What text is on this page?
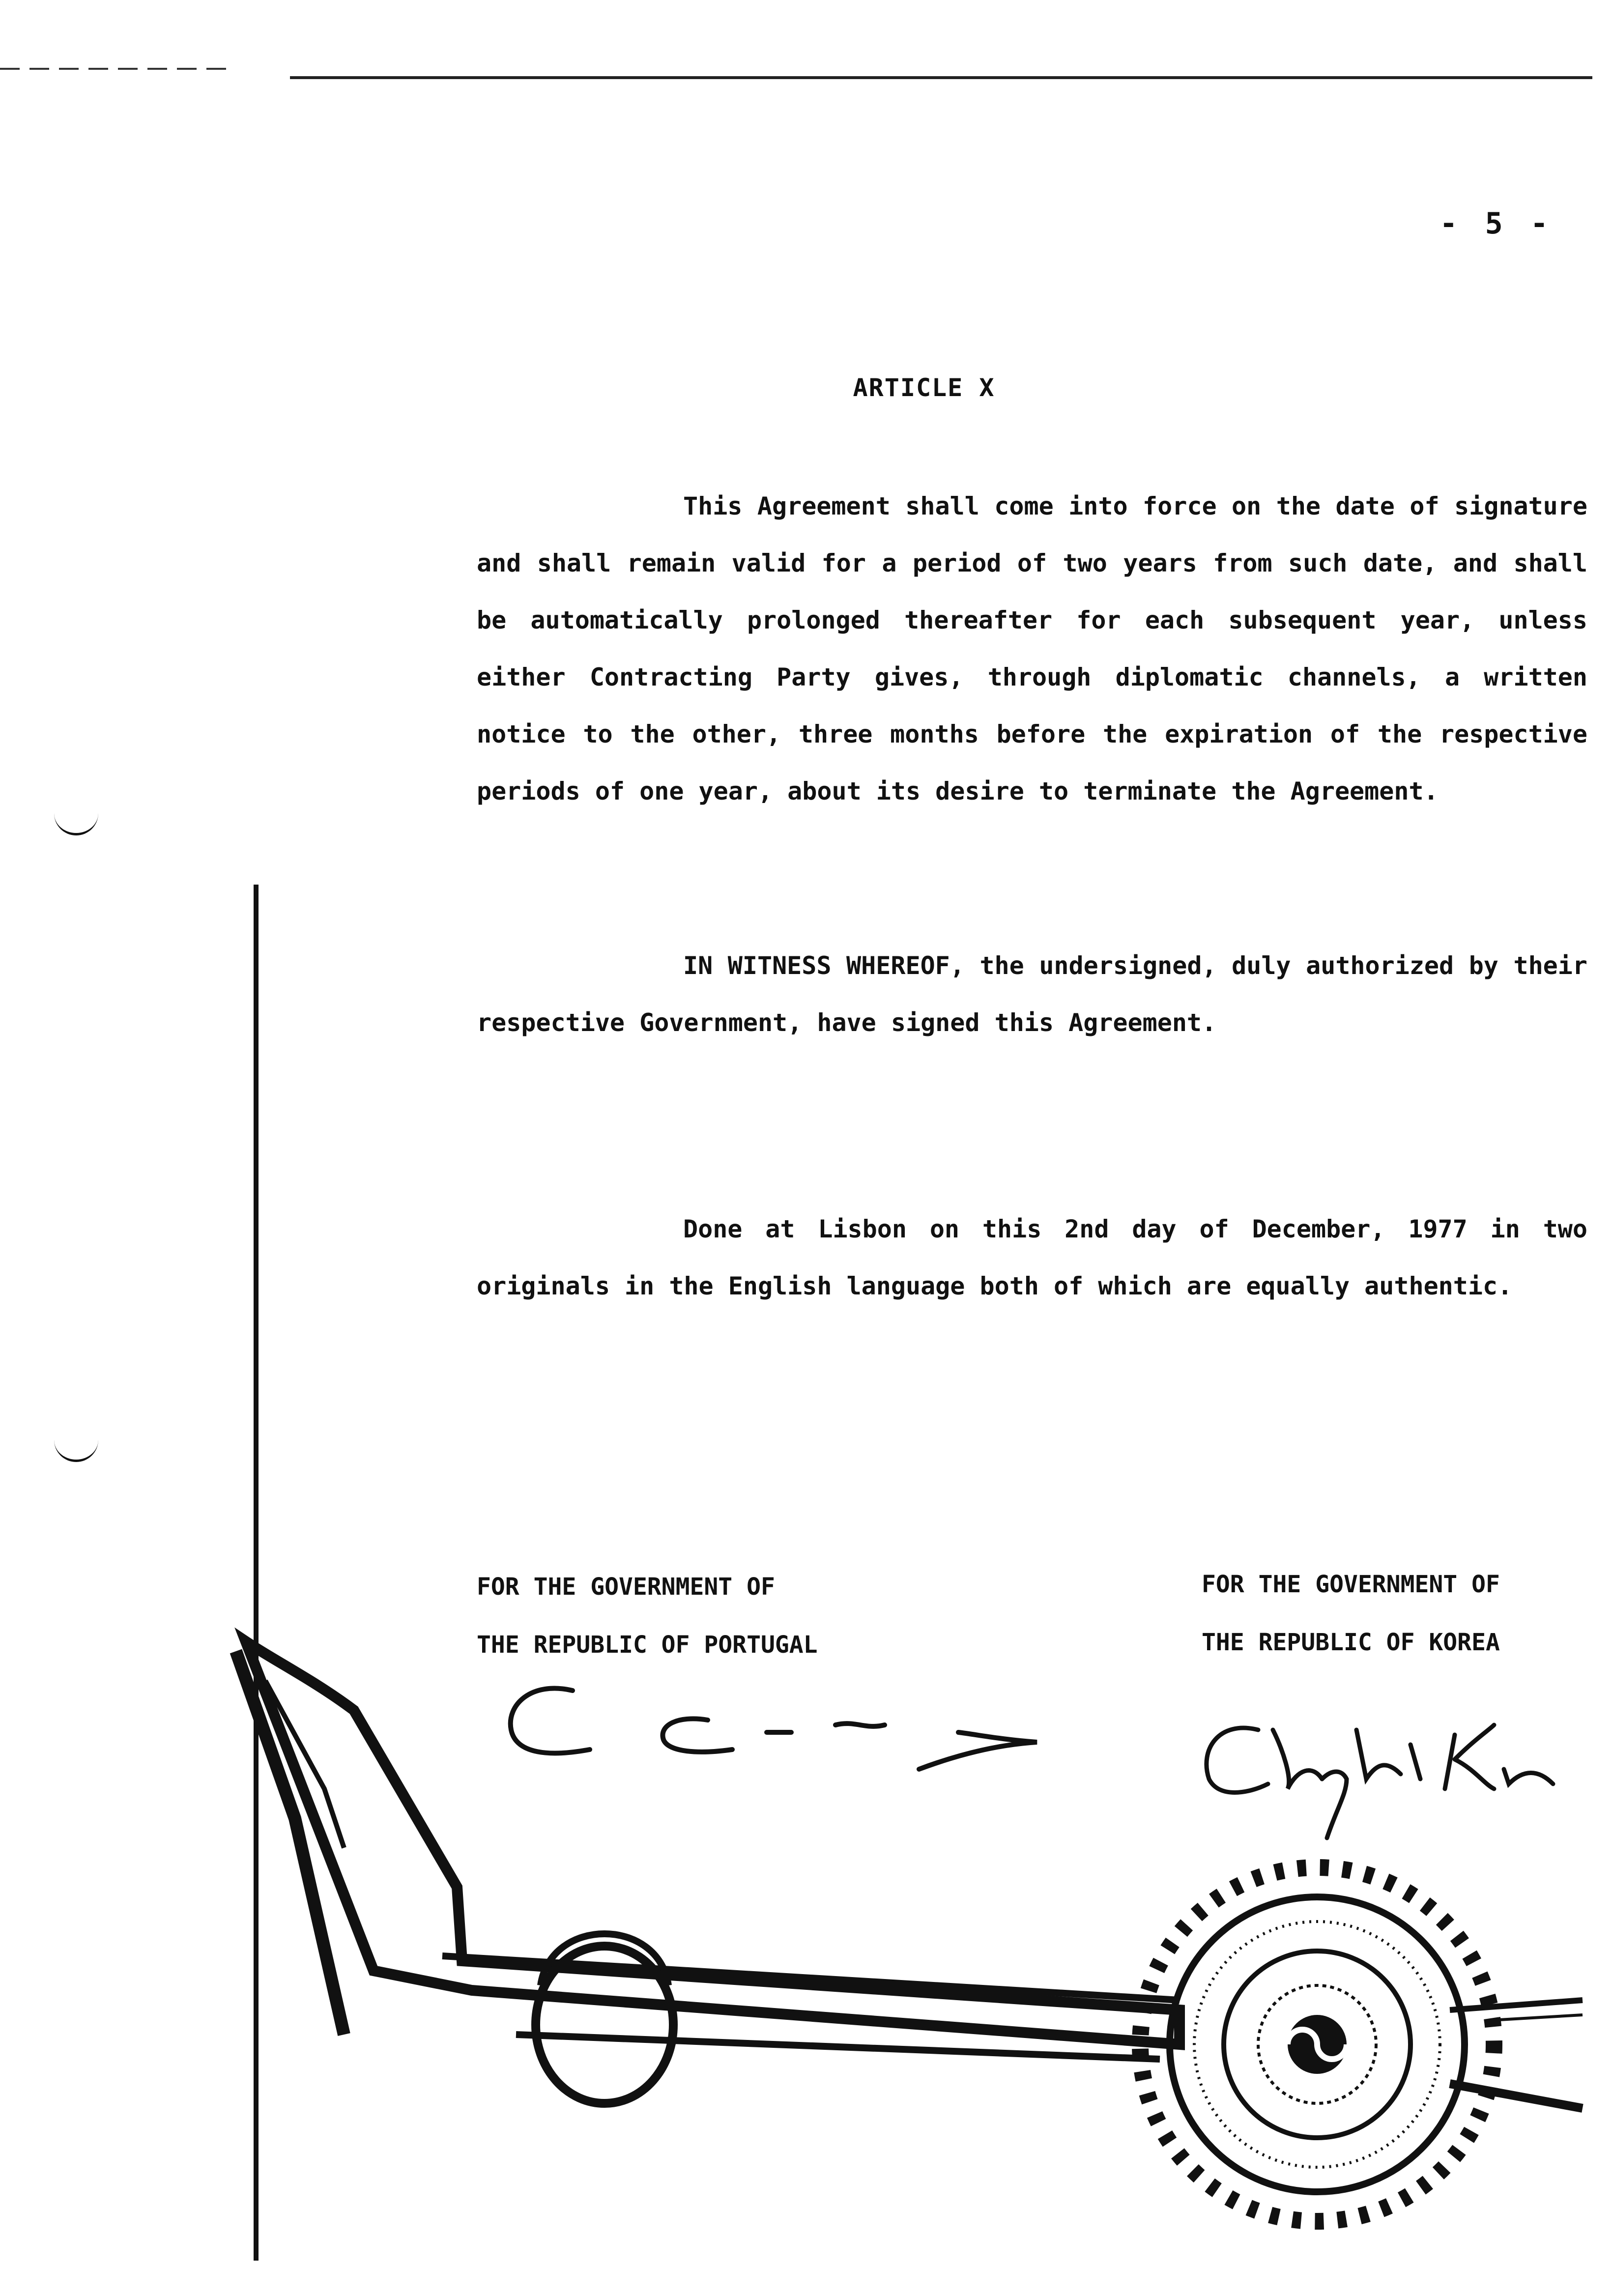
- 5 -
ARTICLE X

This Agreement shall come into force on the date of signature and shall remain valid for a period of two years from such date, and shall be automatically prolonged thereafter for each subsequent year, unless either Contracting Party gives, through diplomatic channels, a written notice to the other, three months before the expiration of the respective periods of one year, about its desire to terminate the Agreement.

IN WITNESS WHEREOF, the undersigned, duly authorized by their respective Government, have signed this Agreement.

Done at Lisbon on this 2nd day of December, 1977 in two originals in the English language both of which are equally authentic.

FOR THE GOVERNMENT OF
THE REPUBLIC OF PORTUGAL
FOR THE GOVERNMENT OF
THE REPUBLIC OF KOREA
